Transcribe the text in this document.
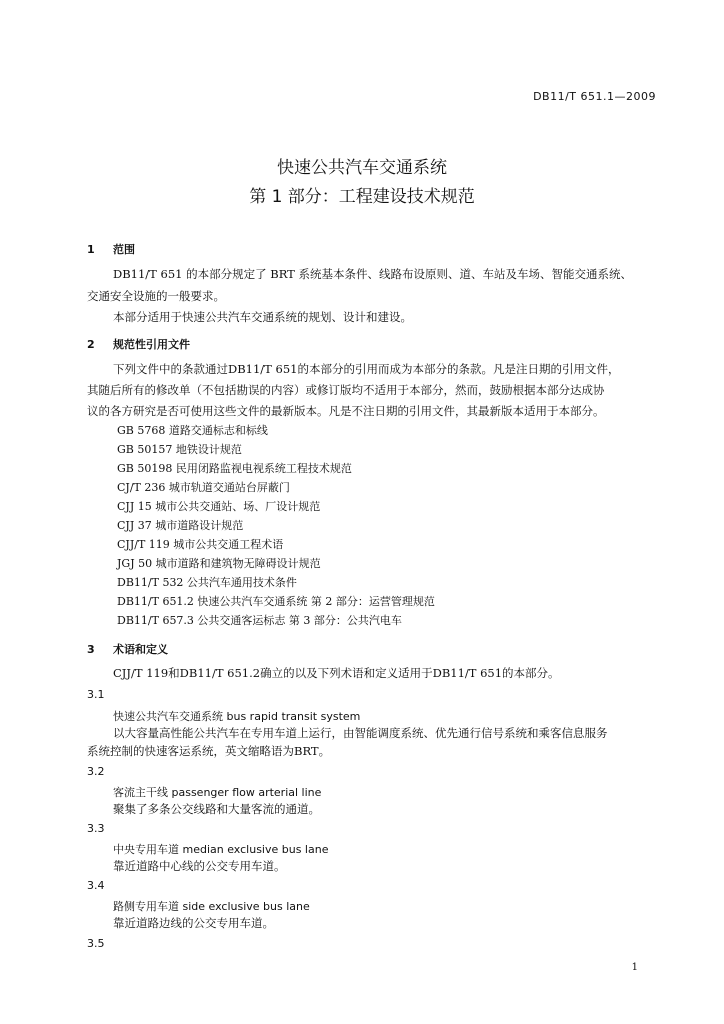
DB11/T 651.1—2009
快速公共汽车交通系统
第 1 部分：工程建设技术规范
1 范围
DB11/T 651 的本部分规定了 BRT 系统基本条件、线路布设原则、道、车站及车场、智能交通系统、
交通安全设施的一般要求。
本部分适用于快速公共汽车交通系统的规划、设计和建设。
2 规范性引用文件
下列文件中的条款通过DB11/T 651的本部分的引用而成为本部分的条款。凡是注日期的引用文件，
其随后所有的修改单（不包括勘误的内容）或修订版均不适用于本部分，然而，鼓励根据本部分达成协
议的各方研究是否可使用这些文件的最新版本。凡是不注日期的引用文件，其最新版本适用于本部分。
GB 5768 道路交通标志和标线
GB 50157 地铁设计规范
GB 50198 民用闭路监视电视系统工程技术规范
CJ/T 236 城市轨道交通站台屏蔽门
CJJ 15 城市公共交通站、场、厂设计规范
CJJ 37 城市道路设计规范
CJJ/T 119 城市公共交通工程术语
JGJ 50 城市道路和建筑物无障碍设计规范
DB11/T 532 公共汽车通用技术条件
DB11/T 651.2 快速公共汽车交通系统 第 2 部分：运营管理规范
DB11/T 657.3 公共交通客运标志 第 3 部分：公共汽电车
3 术语和定义
CJJ/T 119和DB11/T 651.2确立的以及下列术语和定义适用于DB11/T 651的本部分。
3.1
快速公共汽车交通系统 bus rapid transit system
以大容量高性能公共汽车在专用车道上运行，由智能调度系统、优先通行信号系统和乘客信息服务
系统控制的快速客运系统，英文缩略语为BRT。
3.2
客流主干线 passenger flow arterial line
聚集了多条公交线路和大量客流的通道。
3.3
中央专用车道 median exclusive bus lane
靠近道路中心线的公交专用车道。
3.4
路侧专用车道 side exclusive bus lane
靠近道路边线的公交专用车道。
3.5
1
